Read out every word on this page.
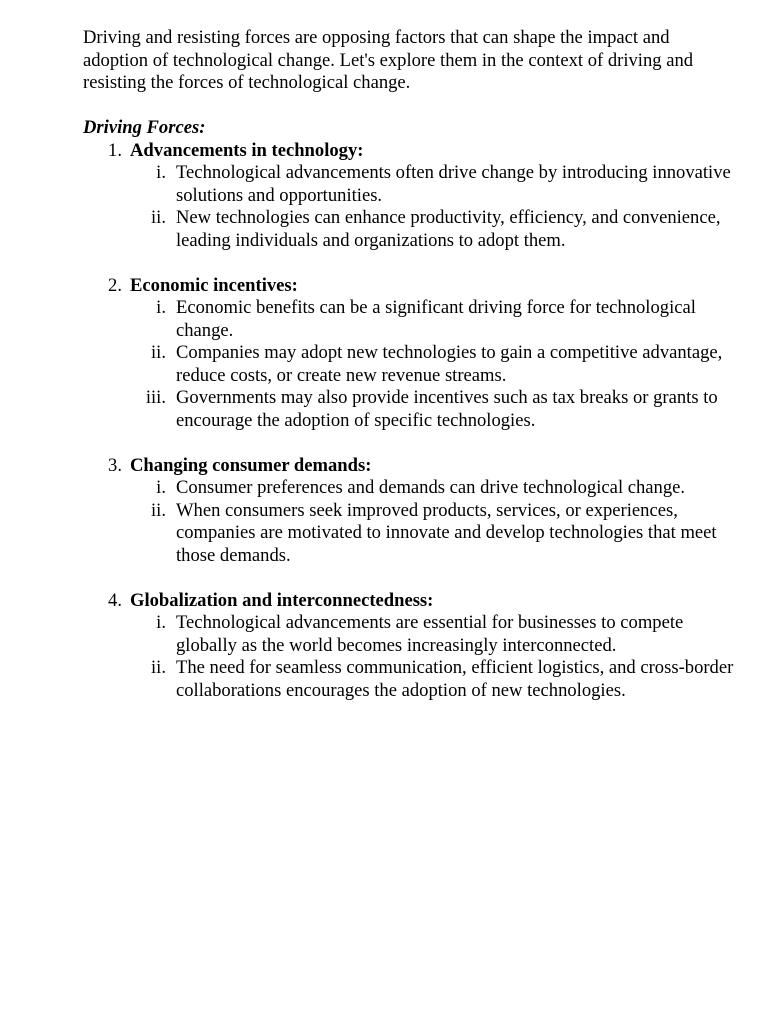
Driving and resisting forces are opposing factors that can shape the impact and adoption of technological change. Let's explore them in the context of driving and resisting the forces of technological change.

Driving Forces:

1. Advancements in technology:

i. Technological advancements often drive change by introducing innovative solutions and opportunities.

ii. New technologies can enhance productivity, efficiency, and convenience, leading individuals and organizations to adopt them.

2. Economic incentives:

i. Economic benefits can be a significant driving force for technological change.

ii. Companies may adopt new technologies to gain a competitive advantage, reduce costs, or create new revenue streams.

iii. Governments may also provide incentives such as tax breaks or grants to encourage the adoption of specific technologies.

3. Changing consumer demands:

i. Consumer preferences and demands can drive technological change.

ii. When consumers seek improved products, services, or experiences, companies are motivated to innovate and develop technologies that meet those demands.

4. Globalization and interconnectedness:

i. Technological advancements are essential for businesses to compete globally as the world becomes increasingly interconnected.

ii. The need for seamless communication, efficient logistics, and cross-border collaborations encourages the adoption of new technologies.
